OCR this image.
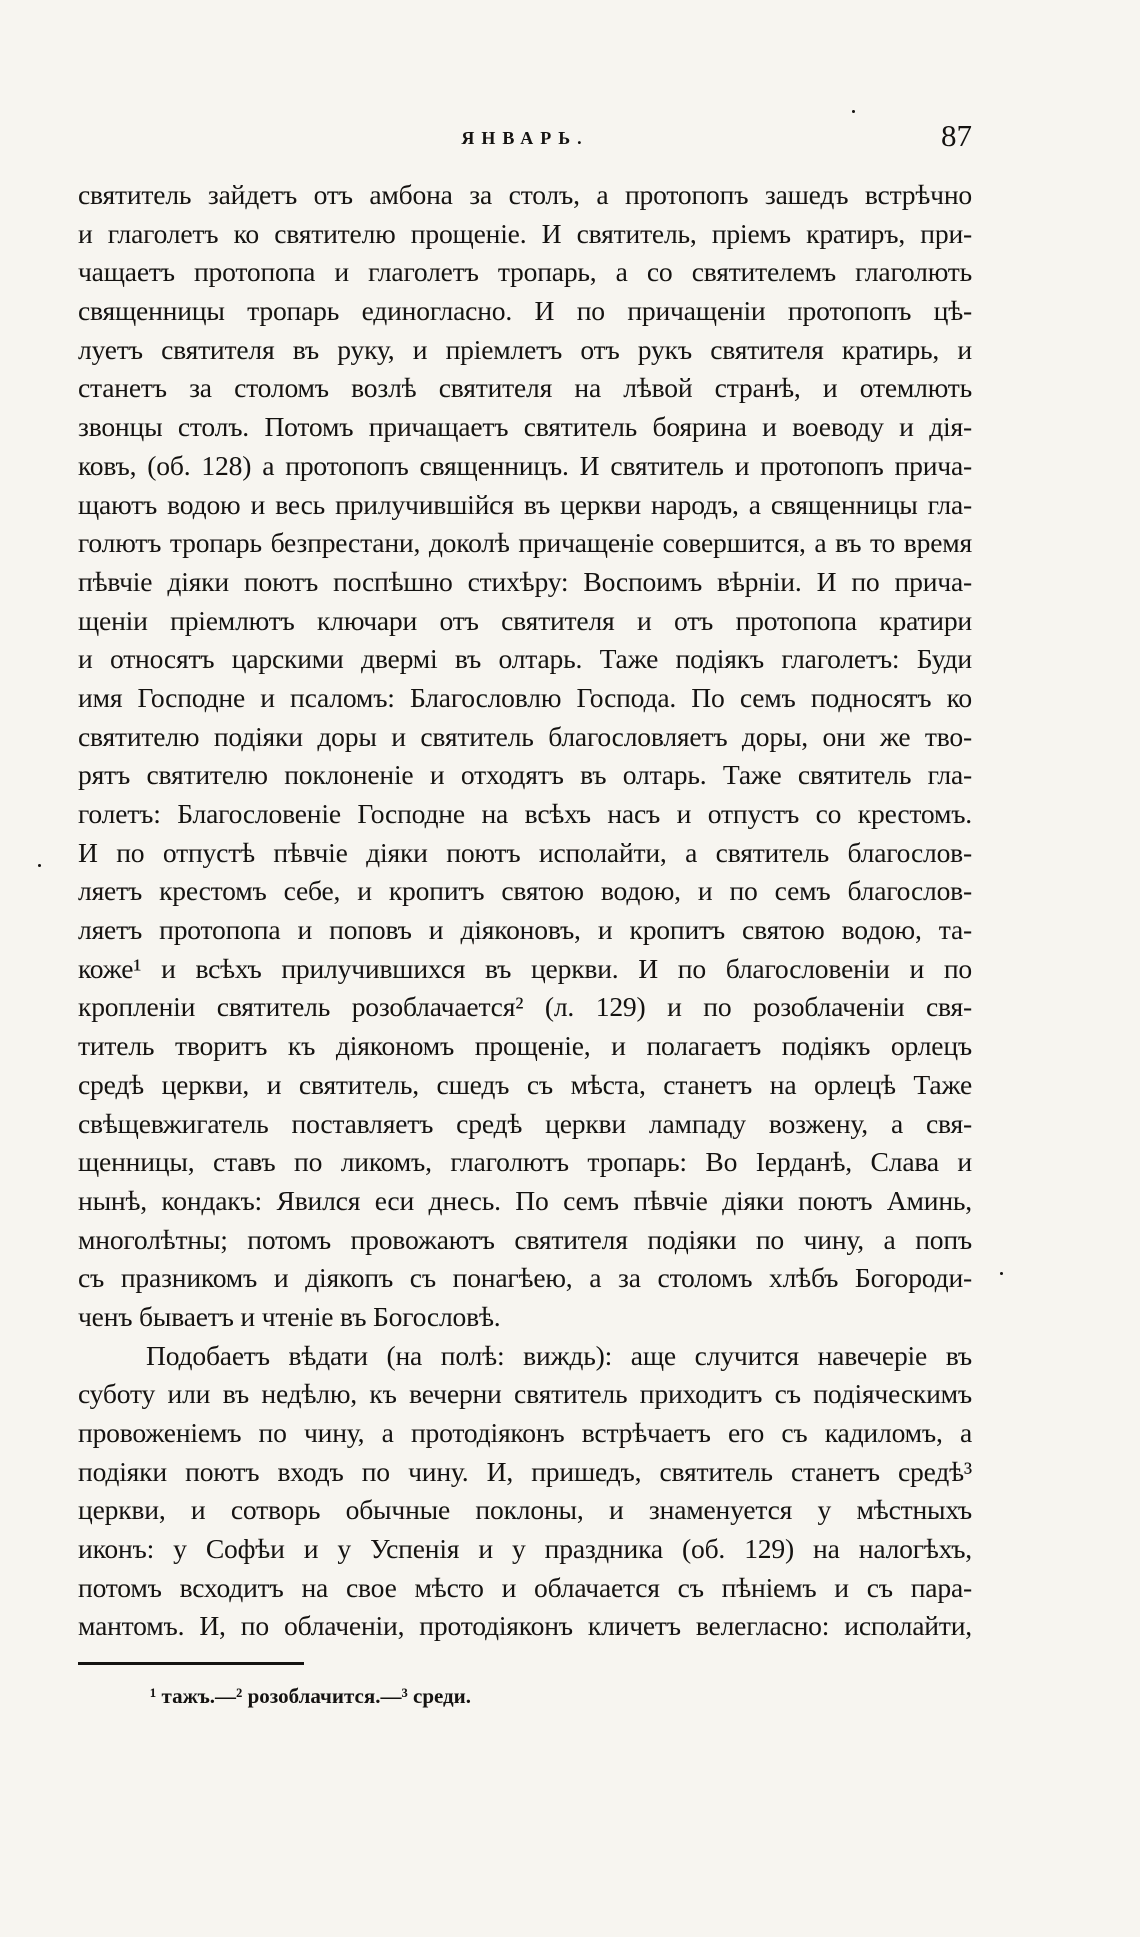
ЯНВАРЬ.	87
святитель зайдетъ отъ амбона за столъ, а протопопъ зашедъ встрѣчно
и глаголетъ ко святителю прощеніе. И святитель, пріемъ кратиръ, при-
чащаетъ протопопа и глаголетъ тропарь, а со святителемъ глаголють
священницы тропарь единогласно. И по причащеніи протопопъ цѣ-
луетъ святителя въ руку, и пріемлетъ отъ рукъ святителя кратирь, и
станетъ за столомъ возлѣ святителя на лѣвой странѣ, и отемлють
звонцы столъ. Потомъ причащаетъ святитель боярина и воеводу и дія-
ковъ, (об. 128) а протопопъ священницъ. И святитель и протопопъ прича-
щаютъ водою и весь прилучившійся въ церкви народъ, а священницы гла-
голютъ тропарь безпрестани, доколѣ причащеніе совершится, а въ то время
пѣвчіе діяки поютъ поспѣшно стихѣру: Воспоимъ вѣрніи. И по прича-
щеніи пріемлютъ ключари отъ святителя и отъ протопопа кратири
и относятъ царскими двермі въ олтарь. Таже подіякъ глаголетъ: Буди
имя Господне и псаломъ: Благословлю Господа. По семъ подносятъ ко
святителю подіяки доры и святитель благословляетъ доры, они же тво-
рятъ святителю поклоненіе и отходятъ въ олтарь. Таже святитель гла-
голетъ: Благословеніе Господне на всѣхъ насъ и отпустъ со крестомъ.
И по отпустѣ пѣвчіе діяки поютъ исполайти, а святитель благослов-
ляетъ крестомъ себе, и кропитъ святою водою, и по семъ благослов-
ляетъ протопопа и поповъ и діяконовъ, и кропитъ святою водою, та-
коже¹ и всѣхъ прилучившихся въ церкви. И по благословеніи и по
кропленіи святитель розоблачается² (л. 129) и по розоблаченіи свя-
титель творитъ къ діякономъ прощеніе, и полагаетъ подіякъ орлецъ
средѣ церкви, и святитель, сшедъ съ мѣста, станетъ на орлецѣ Таже
свѣщевжигатель поставляетъ средѣ церкви лампаду возжену, а свя-
щенницы, ставъ по ликомъ, глаголютъ тропарь: Во Іерданѣ, Слава и
нынѣ, кондакъ: Явился еси днесь. По семъ пѣвчіе діяки поютъ Аминь,
многолѣтны; потомъ провожаютъ святителя подіяки по чину, а попъ
съ празникомъ и діякопъ съ понагѣею, а за столомъ хлѣбъ Богороди-
ченъ бываетъ и чтеніе въ Богословѣ.
Подобаетъ вѣдати (на полѣ: виждь): аще случится навечеріе въ
суботу или въ недѣлю, къ вечерни святитель приходитъ съ подіяческимъ
провоженіемъ по чину, а протодіяконъ встрѣчаетъ его съ кадиломъ, а
подіяки поютъ входъ по чину. И, пришедъ, святитель станетъ средѣ³
церкви, и сотворь обычные поклоны, и знаменуется у мѣстныхъ
иконъ: у Софѣи и у Успенія и у праздника (об. 129) на налогѣхъ,
потомъ всходитъ на свое мѣсто и облачается съ пѣніемъ и съ пара-
мантомъ. И, по облаченіи, протодіяконъ кличетъ велегласно: исполайти,
¹ тажъ.—² розоблачится.—³ среди.
